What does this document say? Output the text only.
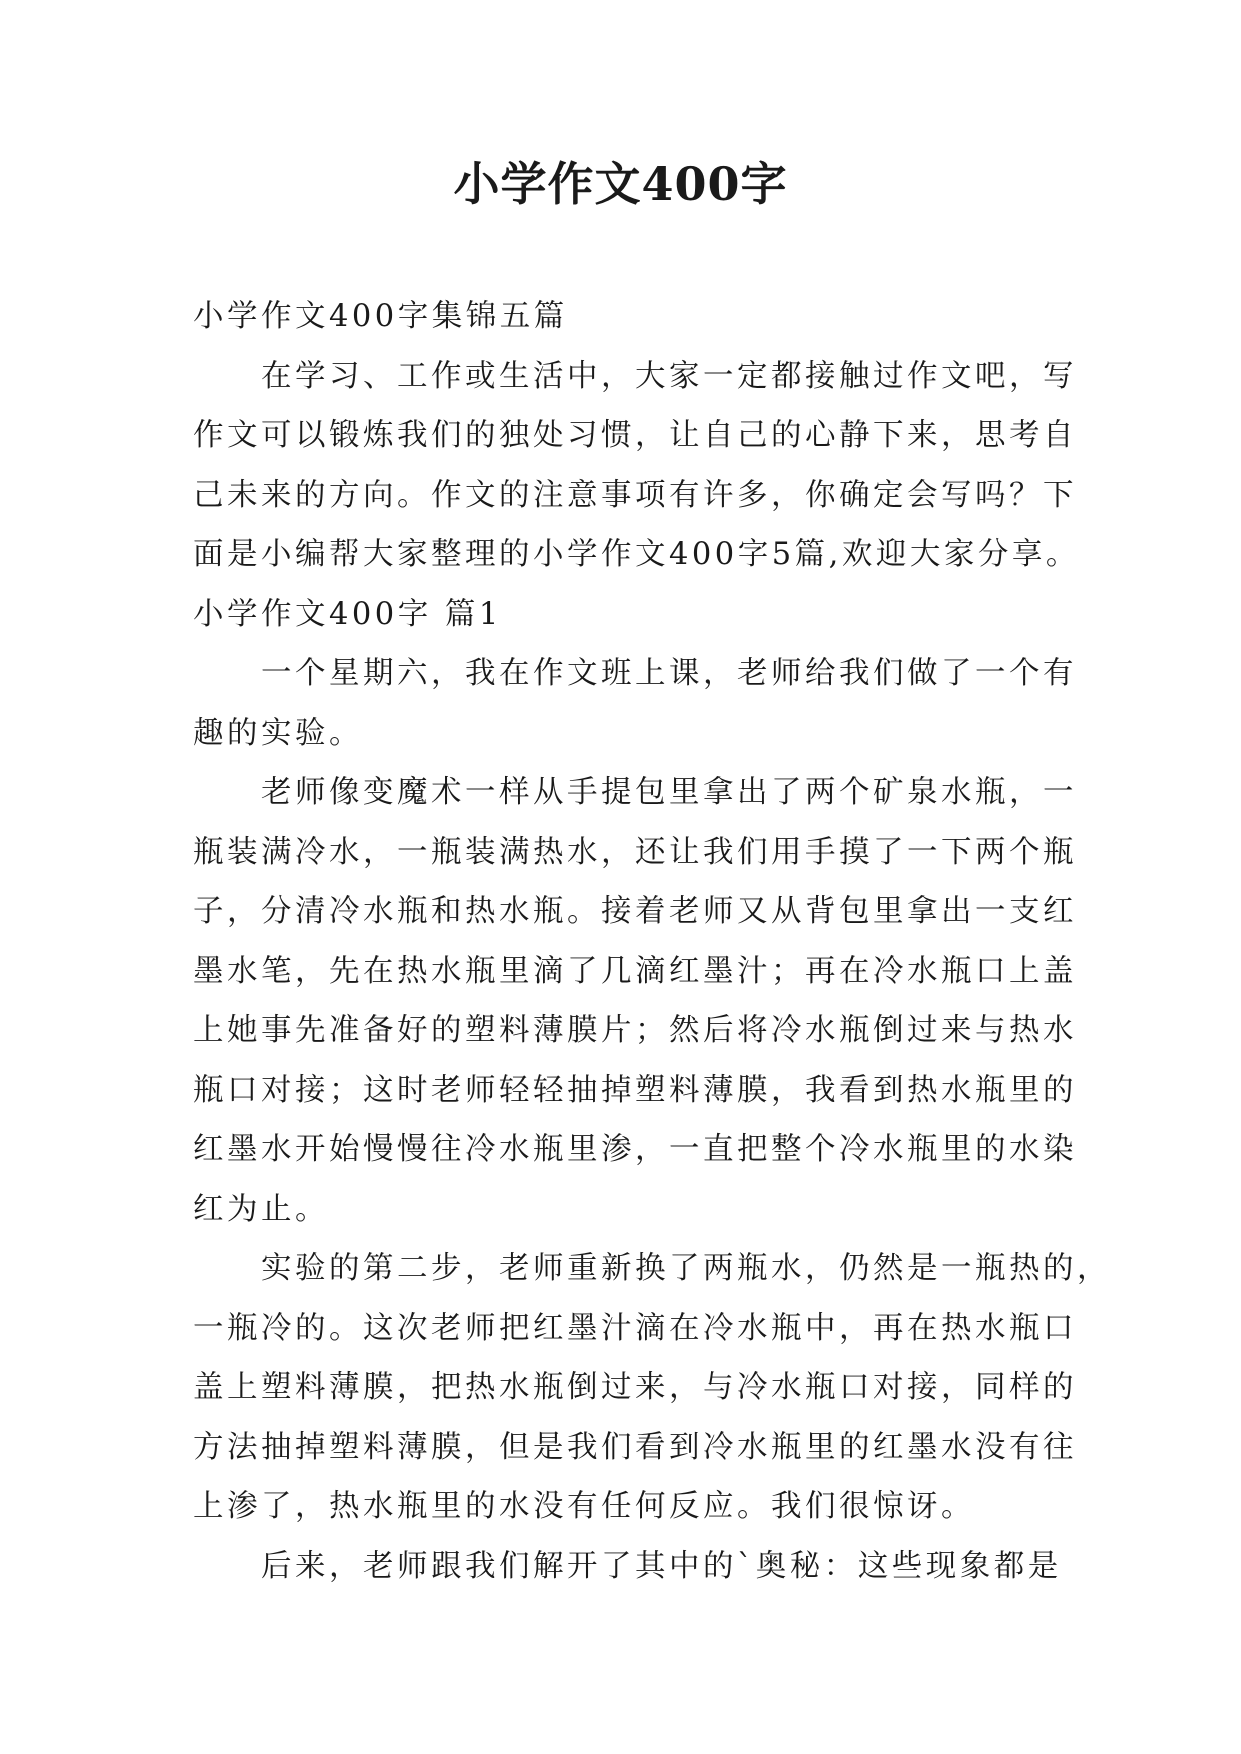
小学作文400字

小学作文400字集锦五篇

在学习、工作或生活中，大家一定都接触过作文吧，写

作文可以锻炼我们的独处习惯，让自己的心静下来，思考自

己未来的方向。作文的注意事项有许多，你确定会写吗？下

面是小编帮大家整理的小学作文400字5篇,欢迎大家分享。

小学作文400字 篇1

一个星期六，我在作文班上课，老师给我们做了一个有

趣的实验。

老师像变魔术一样从手提包里拿出了两个矿泉水瓶，一

瓶装满冷水，一瓶装满热水，还让我们用手摸了一下两个瓶

子，分清冷水瓶和热水瓶。接着老师又从背包里拿出一支红

墨水笔，先在热水瓶里滴了几滴红墨汁；再在冷水瓶口上盖

上她事先准备好的塑料薄膜片；然后将冷水瓶倒过来与热水

瓶口对接；这时老师轻轻抽掉塑料薄膜，我看到热水瓶里的

红墨水开始慢慢往冷水瓶里渗，一直把整个冷水瓶里的水染

红为止。

实验的第二步，老师重新换了两瓶水，仍然是一瓶热的，

一瓶冷的。这次老师把红墨汁滴在冷水瓶中，再在热水瓶口

盖上塑料薄膜，把热水瓶倒过来，与冷水瓶口对接，同样的

方法抽掉塑料薄膜，但是我们看到冷水瓶里的红墨水没有往

上渗了，热水瓶里的水没有任何反应。我们很惊讶。

后来，老师跟我们解开了其中的`奥秘：这些现象都是
